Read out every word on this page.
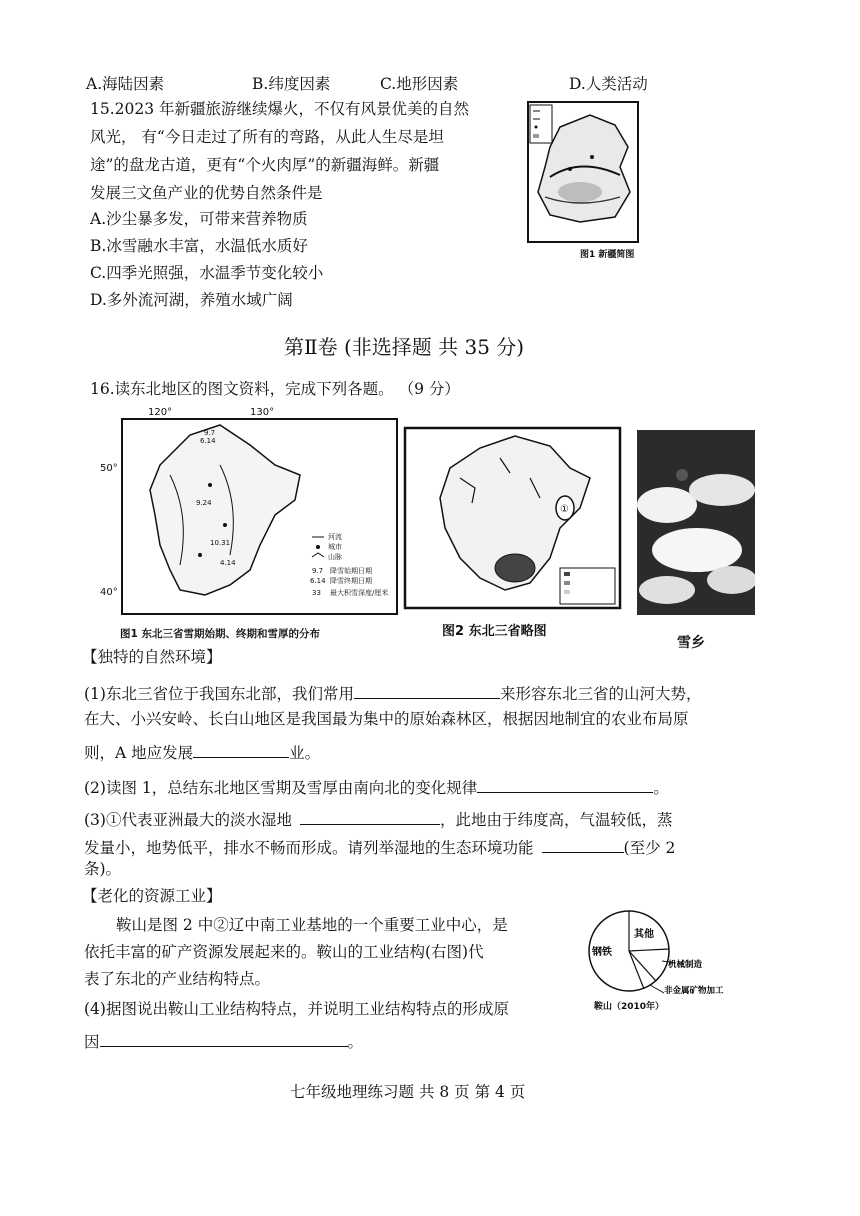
A.海陆因素	B.纬度因素	C.地形因素	D.人类活动
15.2023 年新疆旅游继续爆火，不仅有风景优美的自然
风光， 有“今日走过了所有的弯路，从此人生尽是坦
途”的盘龙古道，更有“个火肉厚”的新疆海鲜。新疆
发展三文鱼产业的优势自然条件是
A.沙尘暴多发，可带来营养物质
B.冰雪融水丰富，水温低水质好
C.四季光照强，水温季节变化较小
D.多外流河湖，养殖水域广阔
图1 新疆简图
第Ⅱ卷 (非选择题 共 35 分)
16.读东北地区的图文资料，完成下列各题。 （9 分）
120°	130°
50°
40°
9.7
6.14
9.24
10.31
4.14
河流
城市
山脉
9.7 降雪始期日期
6.14 降雪终期日期
33 最大积雪深度/厘米
图1 东北三省雪期始期、终期和雪厚的分布
①
图2 东北三省略图
雪乡
【独特的自然环境】
(1)东北三省位于我国东北部，我们常用	来形容东北三省的山河大势，
在大、小兴安岭、长白山地区是我国最为集中的原始森林区，根据因地制宜的农业布局原
则，A 地应发展	业。
(2)读图 1，总结东北地区雪期及雪厚由南向北的变化规律	。
(3)①代表亚洲最大的淡水湿地	，此地由于纬度高，气温较低，蒸
发量小，地势低平，排水不畅而形成。请列举湿地的生态环境功能	(至少 2
条)。
【老化的资源工业】
鞍山是图 2 中②辽中南工业基地的一个重要工业中心，是
依托丰富的矿产资源发展起来的。鞍山的工业结构(右图)代
表了东北的产业结构特点。
(4)据图说出鞍山工业结构特点，并说明工业结构特点的形成原
因	。
钢铁
其他
机械制造
非金属矿物加工
鞍山（2010年）
七年级地理练习题 共 8 页 第 4 页
